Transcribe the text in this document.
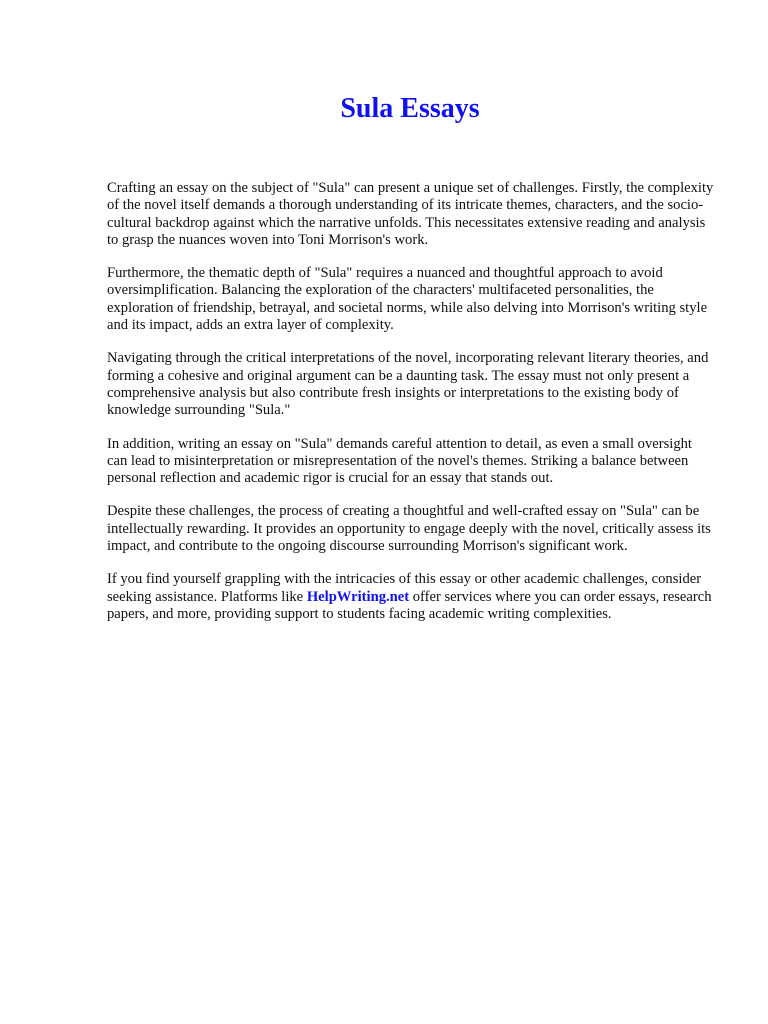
Sula Essays

Crafting an essay on the subject of "Sula" can present a unique set of challenges. Firstly, the complexity of the novel itself demands a thorough understanding of its intricate themes, characters, and the socio-cultural backdrop against which the narrative unfolds. This necessitates extensive reading and analysis to grasp the nuances woven into Toni Morrison's work.

Furthermore, the thematic depth of "Sula" requires a nuanced and thoughtful approach to avoid oversimplification. Balancing the exploration of the characters' multifaceted personalities, the exploration of friendship, betrayal, and societal norms, while also delving into Morrison's writing style and its impact, adds an extra layer of complexity.

Navigating through the critical interpretations of the novel, incorporating relevant literary theories, and forming a cohesive and original argument can be a daunting task. The essay must not only present a comprehensive analysis but also contribute fresh insights or interpretations to the existing body of knowledge surrounding "Sula."

In addition, writing an essay on "Sula" demands careful attention to detail, as even a small oversight can lead to misinterpretation or misrepresentation of the novel's themes. Striking a balance between personal reflection and academic rigor is crucial for an essay that stands out.

Despite these challenges, the process of creating a thoughtful and well-crafted essay on "Sula" can be intellectually rewarding. It provides an opportunity to engage deeply with the novel, critically assess its impact, and contribute to the ongoing discourse surrounding Morrison's significant work.

If you find yourself grappling with the intricacies of this essay or other academic challenges, consider seeking assistance. Platforms like HelpWriting.net offer services where you can order essays, research papers, and more, providing support to students facing academic writing complexities.
